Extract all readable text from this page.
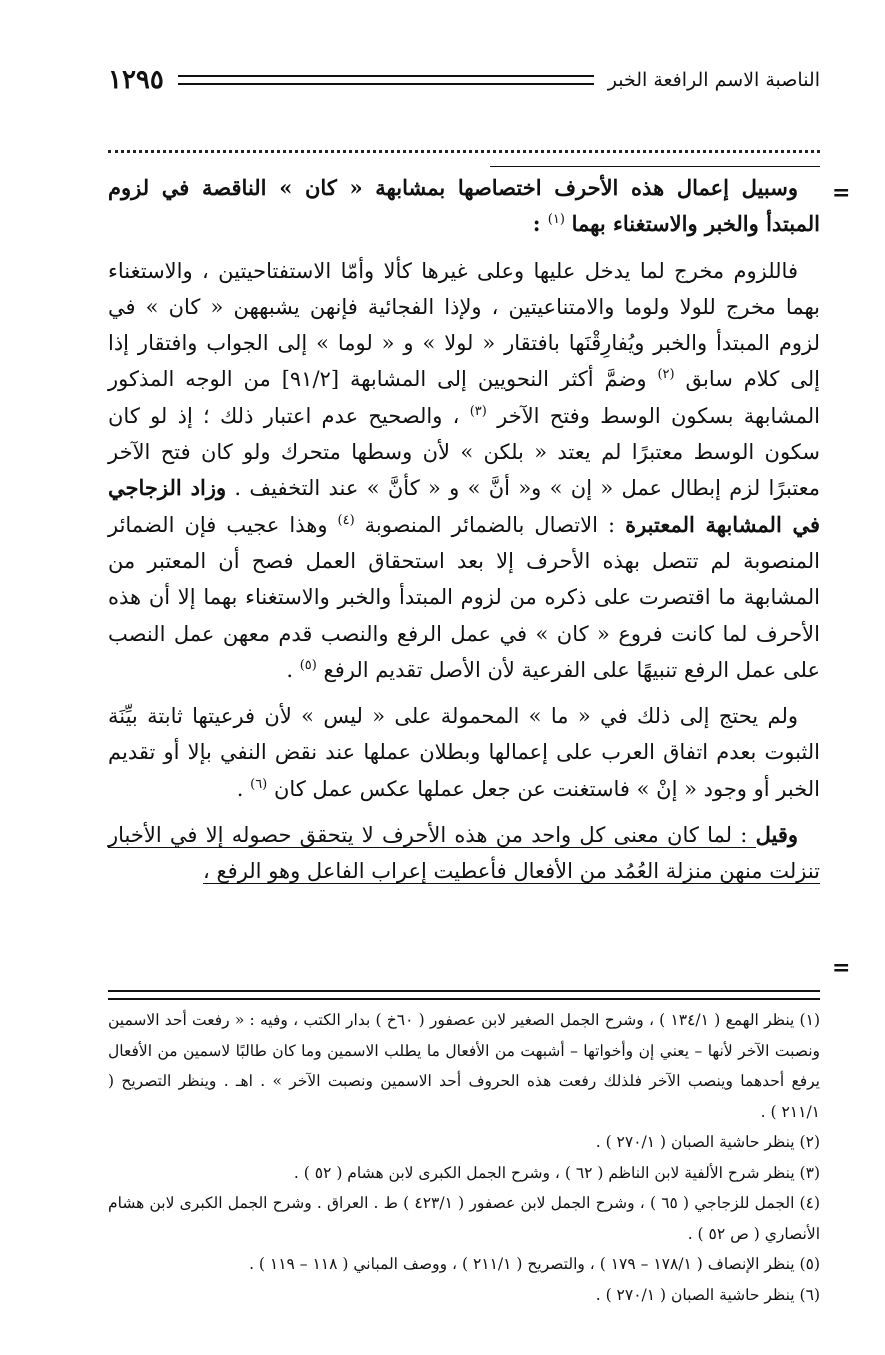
الناصبة الاسم الرافعة الخبر
١٢٩٥
=
=

وسبيل إعمال هذه الأحرف اختصاصها بمشابهة « كان » الناقصة في لزوم المبتدأ والخبر والاستغناء بهما $^{(١)}$ :

فاللزوم مخرج لما يدخل عليها وعلى غيرها كألا وأمّا الاستفتاحيتين ، والاستغناء بهما مخرج للولا ولوما والامتناعيتين ، ولإذا الفجائية فإنهن يشبههن « كان » في لزوم المبتدأ والخبر ويُفارِقْنَها بافتقار « لولا » و « لوما » إلى الجواب وافتقار إذا إلى كلام سابق $^{(٢)}$ وضمَّ أكثر النحويين إلى المشابهة [٩١/٢] من الوجه المذكور المشابهة بسكون الوسط وفتح الآخر $^{(٣)}$ ، والصحيح عدم اعتبار ذلك ؛ إذ لو كان سكون الوسط معتبرًا لم يعتد « بلكن » لأن وسطها متحرك ولو كان فتح الآخر معتبرًا لزم إبطال عمل « إن » و« أنَّ » و « كأنَّ » عند التخفيف . وزاد الزجاجي في المشابهة المعتبرة : الاتصال بالضمائر المنصوبة $^{(٤)}$ وهذا عجيب فإن الضمائر المنصوبة لم تتصل بهذه الأحرف إلا بعد استحقاق العمل فصح أن المعتبر من المشابهة ما اقتصرت على ذكره من لزوم المبتدأ والخبر والاستغناء بهما إلا أن هذه الأحرف لما كانت فروع « كان » في عمل الرفع والنصب قدم معهن عمل النصب على عمل الرفع تنبيهًا على الفرعية لأن الأصل تقديم الرفع $^{(٥)}$ .

ولم يحتج إلى ذلك في « ما » المحمولة على « ليس » لأن فرعيتها ثابتة بيِّنَة الثبوت بعدم اتفاق العرب على إعمالها وبطلان عملها عند نقض النفي بإلا أو تقديم الخبر أو وجود « إنْ » فاستغنت عن جعل عملها عكس عمل كان $^{(٦)}$ .

وقيل : لما كان معنى كل واحد من هذه الأحرف لا يتحقق حصوله إلا في الأخبار تنزلت منهن منزلة العُمُد من الأفعال فأعطيت إعراب الفاعل وهو الرفع ،

(١) ينظر الهمع ( ١٣٤/١ ) ، وشرح الجمل الصغير لابن عصفور ( ٦٠خ ) بدار الكتب ، وفيه : « رفعت أحد الاسمين ونصبت الآخر لأنها – يعني إن وأخواتها – أشبهت من الأفعال ما يطلب الاسمين وما كان طالبًا لاسمين من الأفعال يرفع أحدهما وينصب الآخر فلذلك رفعت هذه الحروف أحد الاسمين ونصبت الآخر » . اهـ . وينظر التصريح ( ٢١١/١ ) .
(٢) ينظر حاشية الصبان ( ٢٧٠/١ ) .
(٣) ينظر شرح الألفية لابن الناظم ( ٦٢ ) ، وشرح الجمل الكبرى لابن هشام ( ٥٢ ) .
(٤) الجمل للزجاجي ( ٦٥ ) ، وشرح الجمل لابن عصفور ( ٤٢٣/١ ) ط . العراق . وشرح الجمل الكبرى لابن هشام الأنصاري ( ص ٥٢ ) .
(٥) ينظر الإنصاف ( ١٧٨/١ – ١٧٩ ) ، والتصريح ( ٢١١/١ ) ، ووصف المباني ( ١١٨ – ١١٩ ) .
(٦) ينظر حاشية الصبان ( ٢٧٠/١ ) .
